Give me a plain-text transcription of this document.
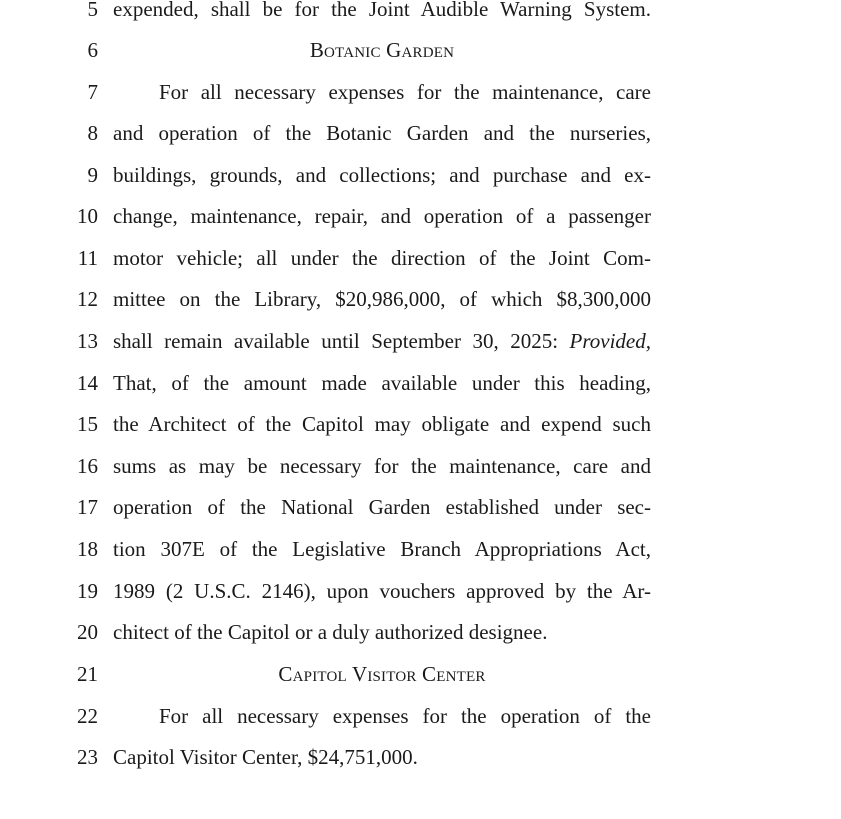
5 expended, shall be for the Joint Audible Warning System.
6	Botanic Garden
7	For all necessary expenses for the maintenance, care
8 and operation of the Botanic Garden and the nurseries,
9 buildings, grounds, and collections; and purchase and ex-
10 change, maintenance, repair, and operation of a passenger
11 motor vehicle; all under the direction of the Joint Com-
12 mittee on the Library, $20,986,000, of which $8,300,000
13 shall remain available until September 30, 2025: Provided,
14 That, of the amount made available under this heading,
15 the Architect of the Capitol may obligate and expend such
16 sums as may be necessary for the maintenance, care and
17 operation of the National Garden established under sec-
18 tion 307E of the Legislative Branch Appropriations Act,
19 1989 (2 U.S.C. 2146), upon vouchers approved by the Ar-
20 chitect of the Capitol or a duly authorized designee.
21	Capitol Visitor Center
22	For all necessary expenses for the operation of the
23 Capitol Visitor Center, $24,751,000.
